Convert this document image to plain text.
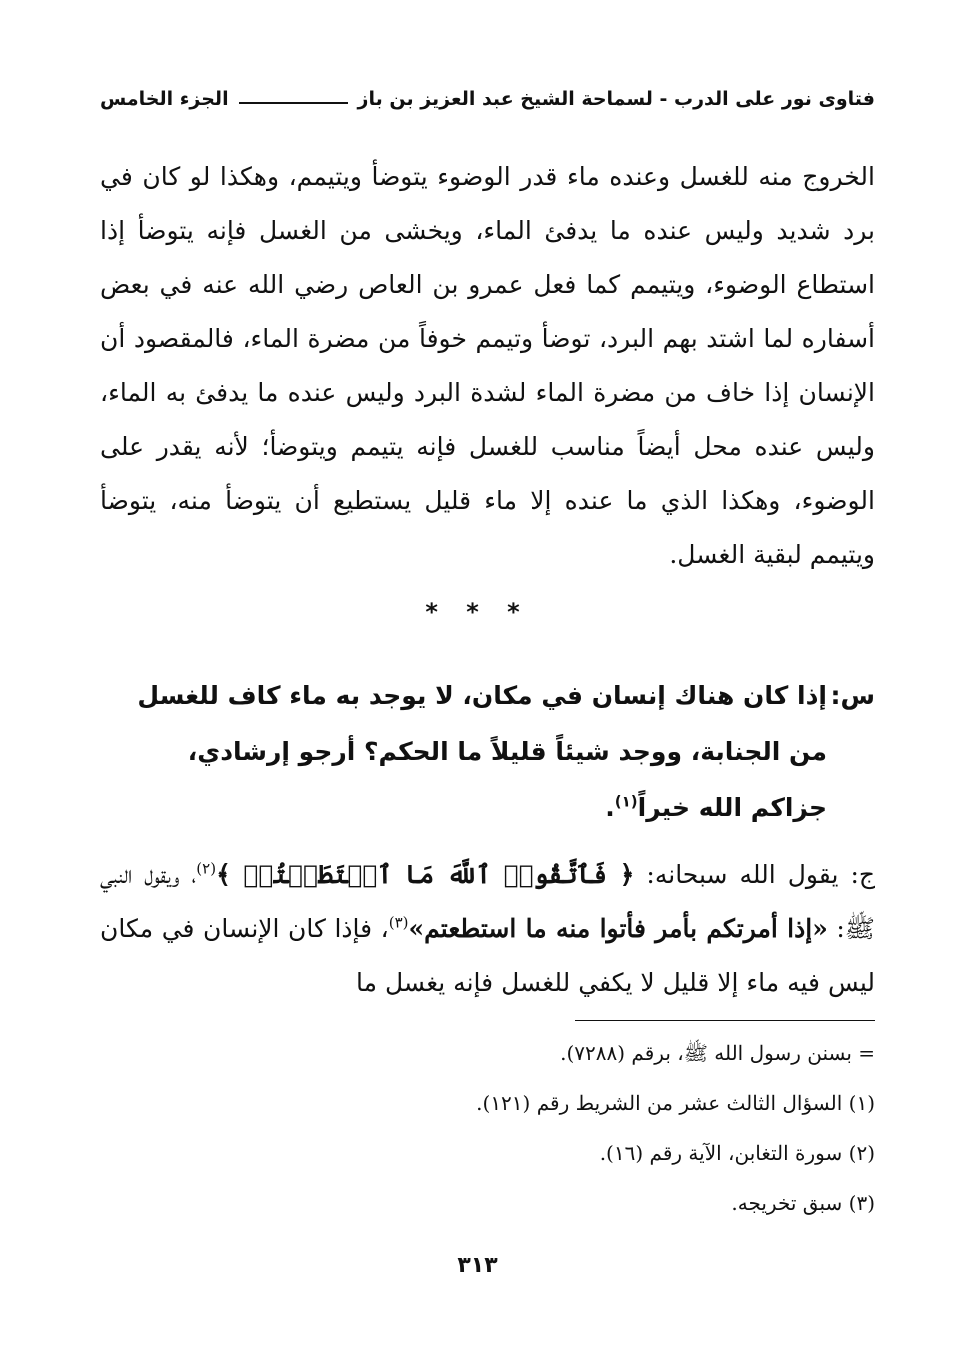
فتاوى نور على الدرب - لسماحة الشيخ عبد العزيز بن باز
الجزء الخامس
الخروج منه للغسل وعنده ماء قدر الوضوء يتوضأ ويتيمم، وهكذا لو كان في برد شديد وليس عنده ما يدفئ الماء، ويخشى من الغسل فإنه يتوضأ إذا استطاع الوضوء، ويتيمم كما فعل عمرو بن العاص رضي الله عنه في بعض أسفاره لما اشتد بهم البرد، توضأ وتيمم خوفاً من مضرة الماء، فالمقصود أن الإنسان إذا خاف من مضرة الماء لشدة البرد وليس عنده ما يدفئ به الماء، وليس عنده محل أيضاً مناسب للغسل فإنه يتيمم ويتوضأ؛ لأنه يقدر على الوضوء، وهكذا الذي ما عنده إلا ماء قليل يستطيع أن يتوضأ منه، يتوضأ ويتيمم لبقية الغسل.
* * *
س:
إذا كان هناك إنسان في مكان، لا يوجد به ماء كاف للغسل من الجنابة، ووجد شيئاً قليلاً ما الحكم؟ أرجو إرشادي، جزاكم الله خيراً$^{(١)}$.
ج: يقول الله سبحانه: ﴿ فَٱتَّقُوا۟ ٱللَّهَ مَا ٱسۡتَطَعۡتُمۡ ﴾$^{(٢)}$، ويقول النبي ﷺ: «إذا أمرتكم بأمر فأتوا منه ما استطعتم»$^{(٣)}$، فإذا كان الإنسان في مكان ليس فيه ماء إلا قليل لا يكفي للغسل فإنه يغسل ما
= بسنن رسول الله ﷺ، برقم (٧٢٨٨).
(١) السؤال الثالث عشر من الشريط رقم (١٢١).
(٢) سورة التغابن، الآية رقم (١٦).
(٣) سبق تخريجه.
٣١٣
